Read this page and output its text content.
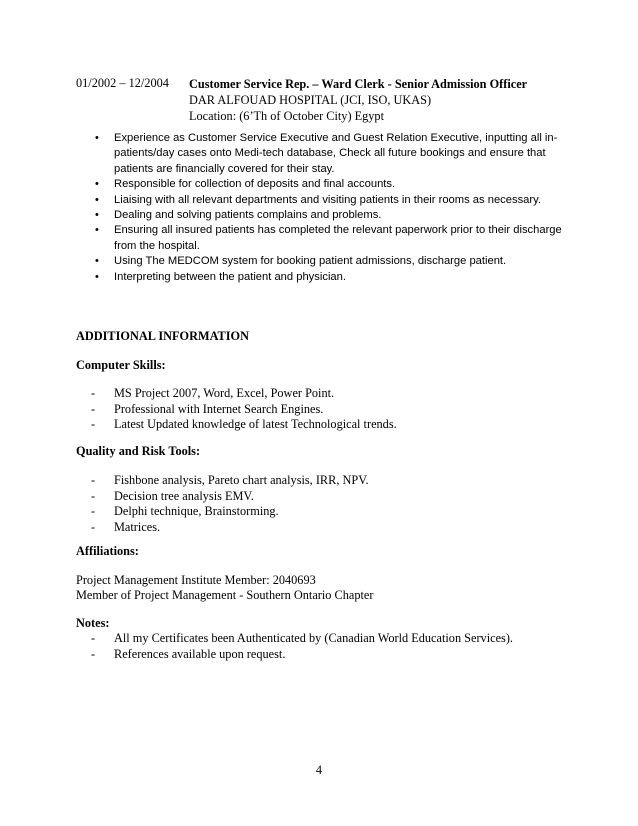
01/2002 – 12/2004 Customer Service Rep. – Ward Clerk - Senior Admission Officer
DAR ALFOUAD HOSPITAL (JCI, ISO, UKAS)
Location: (6’Th of October City) Egypt
• Experience as Customer Service Executive and Guest Relation Executive, inputting all in-patients/day cases onto Medi-tech database, Check all future bookings and ensure that patients are financially covered for their stay.
• Responsible for collection of deposits and final accounts.
• Liaising with all relevant departments and visiting patients in their rooms as necessary.
• Dealing and solving patients complains and problems.
• Ensuring all insured patients has completed the relevant paperwork prior to their discharge from the hospital.
• Using The MEDCOM system for booking patient admissions, discharge patient.
• Interpreting between the patient and physician.
ADDITIONAL INFORMATION
Computer Skills:
- MS Project 2007, Word, Excel, Power Point.
- Professional with Internet Search Engines.
- Latest Updated knowledge of latest Technological trends.
Quality and Risk Tools:
- Fishbone analysis, Pareto chart analysis, IRR, NPV.
- Decision tree analysis EMV.
- Delphi technique, Brainstorming.
- Matrices.
Affiliations:
Project Management Institute Member: 2040693
Member of Project Management - Southern Ontario Chapter
Notes:
- All my Certificates been Authenticated by (Canadian World Education Services).
- References available upon request.
4
